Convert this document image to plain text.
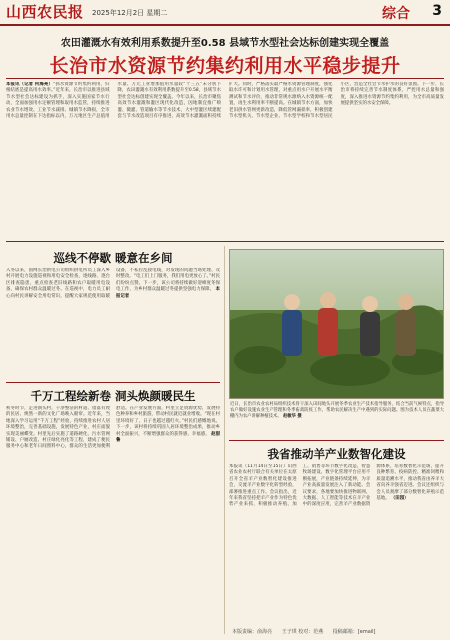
山西农民报 2025年12月2日 星期二	综合 3
农田灌溉水有效利用系数提升至0.58 县域节水型社会达标创建实现全覆盖
长治市水资源节约集约利用水平稳步提升
本报讯（记者 何海亮）“抓水资源节约集约利用，归根结底是提高用水效率。”近年来，长治市以推进县域节水型社会达标建设为抓手，深入实施国家节水行动，全面加强用水定额管理和取用水监管，持续推进农业节水增效、工业节水减排、城镇节水降损，全市用水总量控制在下达指标以内，万元地区生产总值用水量、万元工业增加值用水量较“十三五”末分别下降，农田灌溉水有效利用系数提升至0.58，县域节水型社会达标创建实现全覆盖。今年以来，长治市聚焦高效节水灌溉和灌区现代化改造，因地制宜推广喷灌、微灌、管道输水等节水技术，大中型灌区续建配套与节水改造项目有序推进，高效节水灌溉面积持续扩大。同时，严格落实最严格水资源管理制度，强化取水许可和计划用水管理，对重点用水户开展水平衡测试和节水评价，推动非常规水源纳入水资源统一配置，再生水利用率不断提高。在城镇节水方面，加快老旧供水管网更新改造，降低管网漏损率，积极创建节水型机关、节水型企业、节水型学校和节水型居民小区，营造全社会节水护水的良好氛围。下一步，长治市将持续完善节水制度体系，严控用水总量和强度，深入推进水资源节约集约利用，为全市高质量发展提供坚实的水安全保障。
巡线不停歇 暖意在乡间
入冬以来，国网长治供电公司组织供电所员工深入乡村开展电力设施巡视和用电安全检查，逐线路、逐台区排查隐患，重点检查老旧线路和农户取暖用电设备，确保农村群众温暖过冬。在巡视中，电力员工耐心向村民讲解安全用电常识，提醒大家规范使用取暖设备，不私拉乱接电线，对发现的问题当场处理、及时整改。“电工们上门服务，我们用电更放心了。”村民们纷纷点赞。下一步，该公司将持续做好迎峰度冬保电工作，为乡村群众温暖过冬提供坚强电力保障。 本报记者
千万工程绘新卷 洞头焕颜暖民生
初冬时节，走进洞头村，干净整洁的村道、错落有致的民居、焕然一新的文化广场映入眼帘。近年来，当地深入学习运用“千万工程”经验，持续推进农村人居环境整治，完善基础设施，发展特色产业，村庄面貌实现美丽蝶变。村里先后实施了道路硬化、污水管网铺设、户厕改造、村庄绿化亮化等工程，建成了便民服务中心和老年日间照料中心，群众的生活更加便利舒适。在产业发展方面，村里立足资源优势，发展特色种养和乡村旅游，带动村民就近就业增收。“现在村里环境好了，日子也越过越红火。”村民们感慨地说。下一步，该村将持续巩固人居环境整治成果，推动乡村全面振兴，不断增强群众的获得感、幸福感。 赵甜 鲁
近日，长治市农业农村局组织技术骨干深入田间地头开展冬季农业生产技术指导服务，结合当前气候特点，指导农户做好设施农业生产管理和冬季畜禽防疫工作，帮助农民解决生产中遇到的实际问题。图为技术人员在蔬菜大棚内为农户讲解种植技术。 赵敏华 摄
我省推动羊产业数智化建设
本报讯（11月14日至15日）山西省农业农村厅联合有关单位在太原召开全省羊产业数智化建设推进会，交流羊产业数字化转型经验，部署推进重点工作。会议指出，近年来我省坚持把羊产业作为特色优势产业来抓，积极推动养殖、加工、销售等环节数字化改造，智慧牧场建设、数字化管理平台应用不断拓展，产业链条持续延伸，为羊产业高质量发展注入了新动能。会议要求，各地要加快推进物联网、大数据、人工智能等技术在羊产业中的深度应用，完善羊产业数据资源体系，培育数智化示范场，提升良种繁育、疫病防控、精准饲喂和质量追溯水平，推动我省由养羊大省向养羊强省迈进。会议还组织与会人员观摩了部分数智化养殖示范基地。 （田园）
本版责编：俞海亮 王子琪 校对：范燕 投稿邮箱：[email]
